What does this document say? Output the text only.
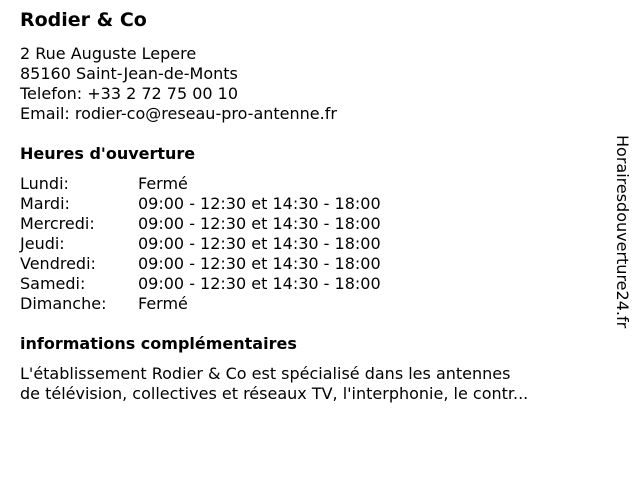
Rodier & Co
2 Rue Auguste Lepere
85160 Saint-Jean-de-Monts
Telefon: +33 2 72 75 00 10
Email: rodier-co@reseau-pro-antenne.fr
Heures d'ouverture
Lundi:	Fermé
Mardi:	09:00 - 12:30 et 14:30 - 18:00
Mercredi:	09:00 - 12:30 et 14:30 - 18:00
Jeudi:	09:00 - 12:30 et 14:30 - 18:00
Vendredi:	09:00 - 12:30 et 14:30 - 18:00
Samedi:	09:00 - 12:30 et 14:30 - 18:00
Dimanche: Fermé
informations complémentaires
L'établissement Rodier & Co est spécialisé dans les antennes
de télévision, collectives et réseaux TV, l'interphonie, le contr...
Horairesdouverture24.fr
